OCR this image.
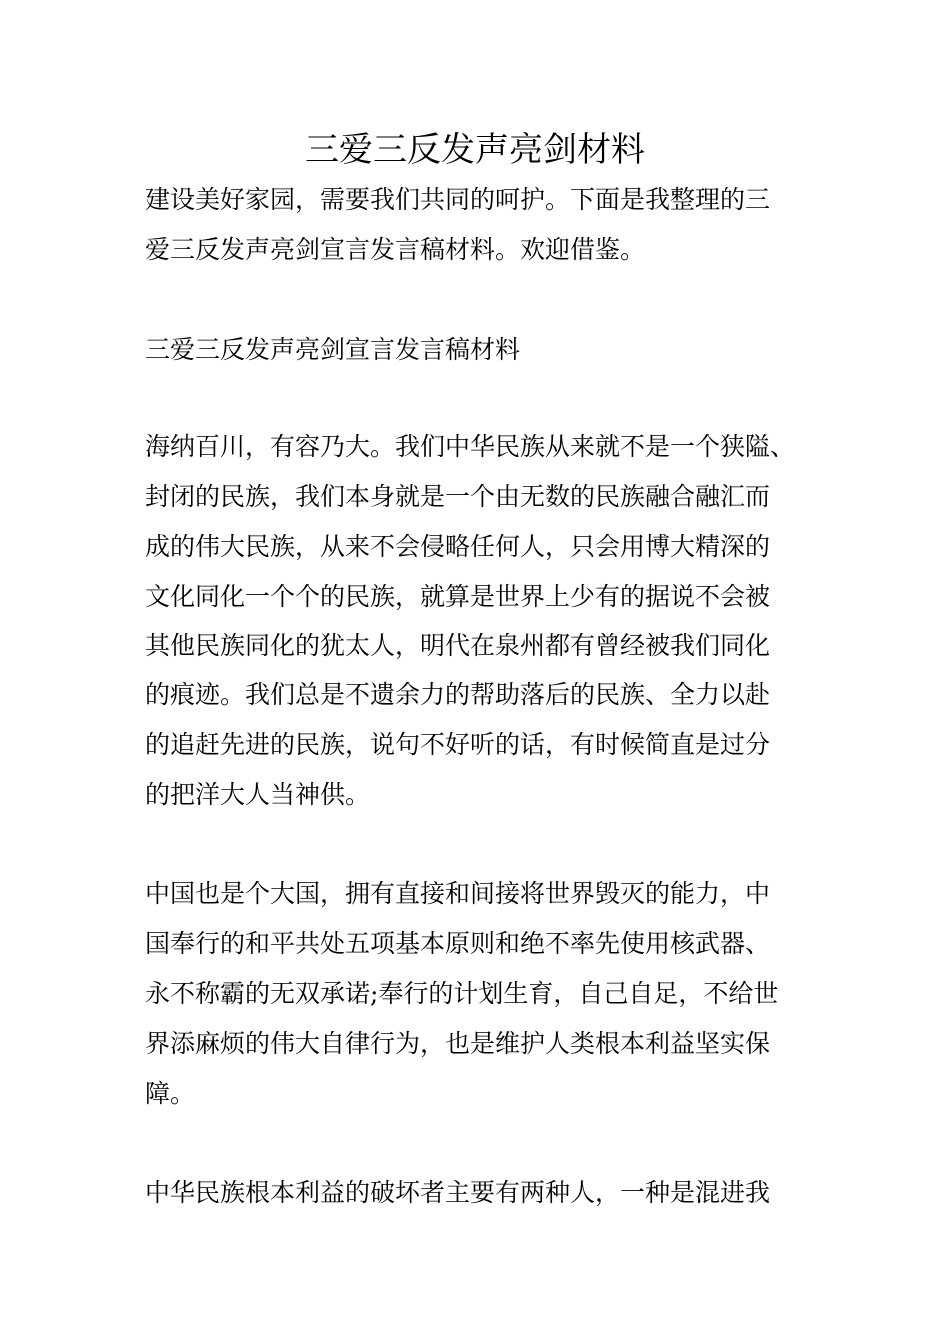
三爱三反发声亮剑材料

建设美好家园，需要我们共同的呵护。下面是我整理的三

爱三反发声亮剑宣言发言稿材料。欢迎借鉴。

三爱三反发声亮剑宣言发言稿材料

海纳百川，有容乃大。我们中华民族从来就不是一个狭隘、

封闭的民族，我们本身就是一个由无数的民族融合融汇而

成的伟大民族，从来不会侵略任何人，只会用博大精深的

文化同化一个个的民族，就算是世界上少有的据说不会被

其他民族同化的犹太人，明代在泉州都有曾经被我们同化

的痕迹。我们总是不遗余力的帮助落后的民族、全力以赴

的追赶先进的民族，说句不好听的话，有时候简直是过分

的把洋大人当神供。

中国也是个大国，拥有直接和间接将世界毁灭的能力，中

国奉行的和平共处五项基本原则和绝不率先使用核武器、

永不称霸的无双承诺;奉行的计划生育，自己自足，不给世

界添麻烦的伟大自律行为，也是维护人类根本利益坚实保

障。

中华民族根本利益的破坏者主要有两种人，一种是混进我
